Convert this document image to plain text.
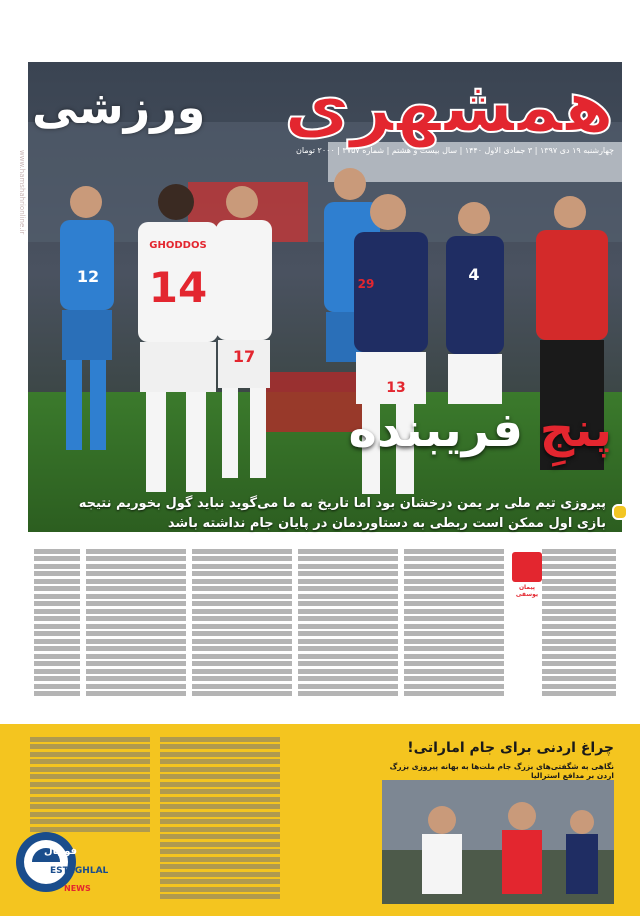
12
GHODDOS
14
17
29
13
4
همشهری
ورزشی
چهارشنبه ۱۹ دی ۱۳۹۷ | ۳ جمادی الاول ۱۴۴۰ | سال بیست و هشتم | شماره ۳۷۵۷ | ۲۰۰۰ تومان
www.hamshahrionline.ir
پنجِ فریبنده
پیروزی تیم ملی بر یمن درخشان بود اما تاریخ به ما می‌گوید نباید گول بخوریم نتیجه بازی اول ممکن است ربطی به دستاوردمان در پایان جام نداشته باشد
پیمان یوسفی
چراغ اردنی برای جام اماراتی!
نگاهی به شگفتی‌های بزرگ جام ملت‌ها به بهانه پیروزی بزرگ اردن بر مدافع استرالیا
فوتبال
ESTEGHLAL
NEWS
